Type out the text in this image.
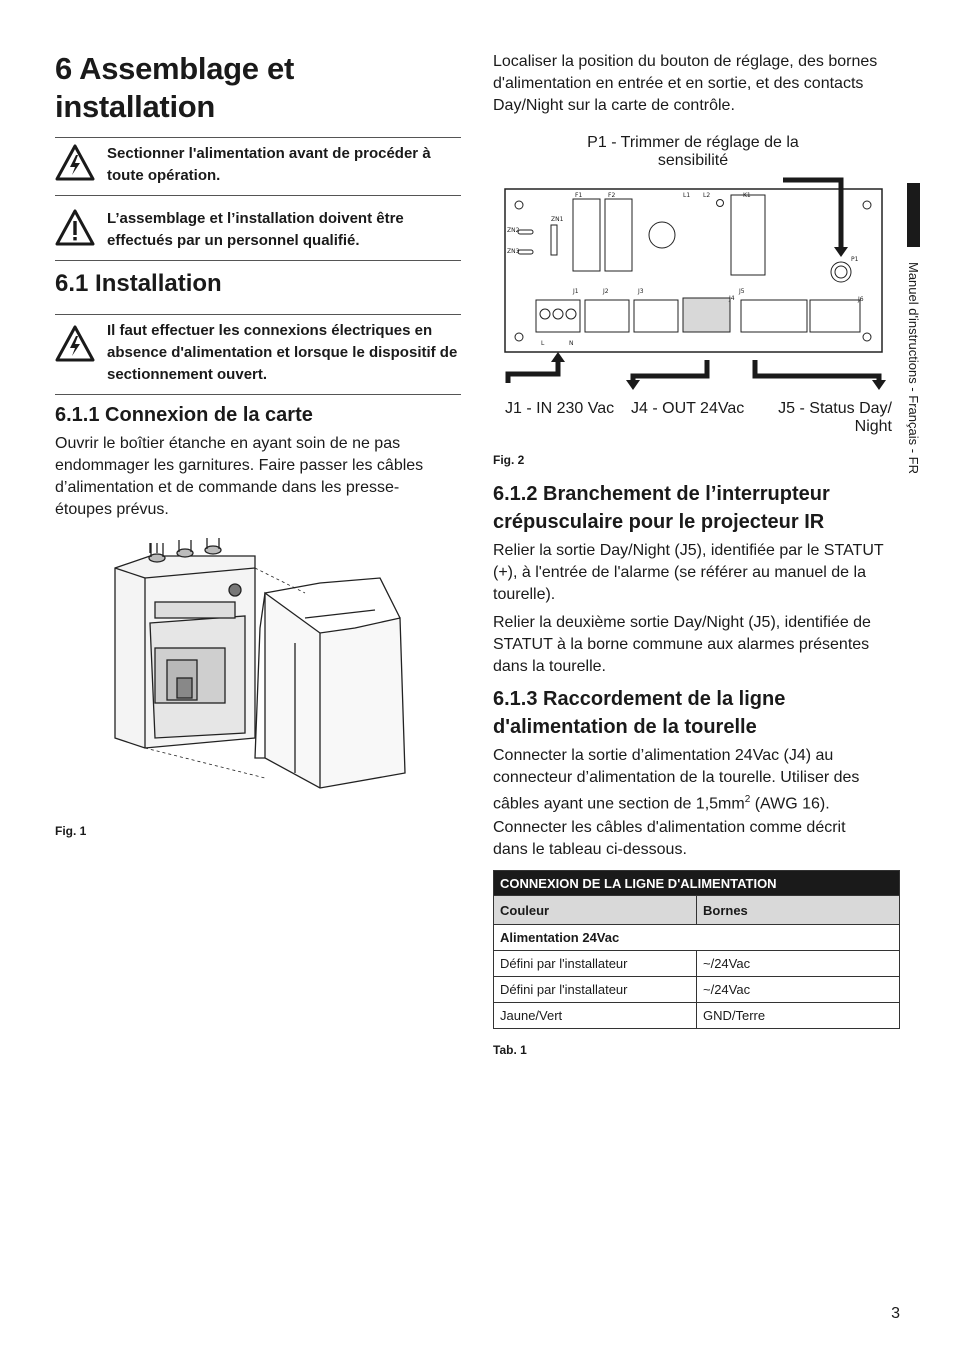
6 Assemblage et installation
Sectionner l'alimentation avant de procéder à toute opération.
L’assemblage et l’installation doivent être effectués par un personnel qualifié.
6.1 Installation
Il faut effectuer les connexions électriques en absence d'alimentation et lorsque le dispositif de sectionnement ouvert.
6.1.1 Connexion de la carte
Ouvrir le boîtier étanche en ayant soin de ne pas endommager les garnitures. Faire passer les câbles d’alimentation et de commande dans les presse-étoupes prévus.
Fig. 1
Localiser la position du bouton de réglage, des bornes d'alimentation en entrée et en sortie, et des contacts Day/Night sur la carte de contrôle.
P1 - Trimmer de réglage de la
sensibilité
F1	F2	L1 L2	K1
P1
J1	J2	J3
J4
J5
J6
ZN1
ZN2
ZN3
L	N
J1 - IN 230 Vac J4 - OUT 24Vac	J5 - Status Day/
Night
Fig. 2
6.1.2 Branchement de l’interrupteur crépusculaire pour le projecteur IR
Relier la sortie Day/Night (J5), identifiée par le STATUT (+), à l'entrée de l'alarme (se référer au manuel de la tourelle).
Relier la deuxième sortie Day/Night (J5), identifiée de STATUT à la borne commune aux alarmes présentes dans la tourelle.
6.1.3 Raccordement de la ligne d'alimentation de la tourelle
Connecter la sortie d’alimentation 24Vac (J4) au connecteur d’alimentation de la tourelle. Utiliser des câbles ayant une section de $1,5mm^2$ (AWG 16).
Connecter les câbles d'alimentation comme décrit dans le tableau ci-dessous.
CONNEXION DE LA LIGNE D'ALIMENTATION	
Couleur	Bornes
Alimentation 24Vac	
Défini par l'installateur	~/24Vac
Défini par l'installateur	~/24Vac
Jaune/Vert	GND/Terre
Tab. 1
Manuel d'instructions - Français - FR
3
